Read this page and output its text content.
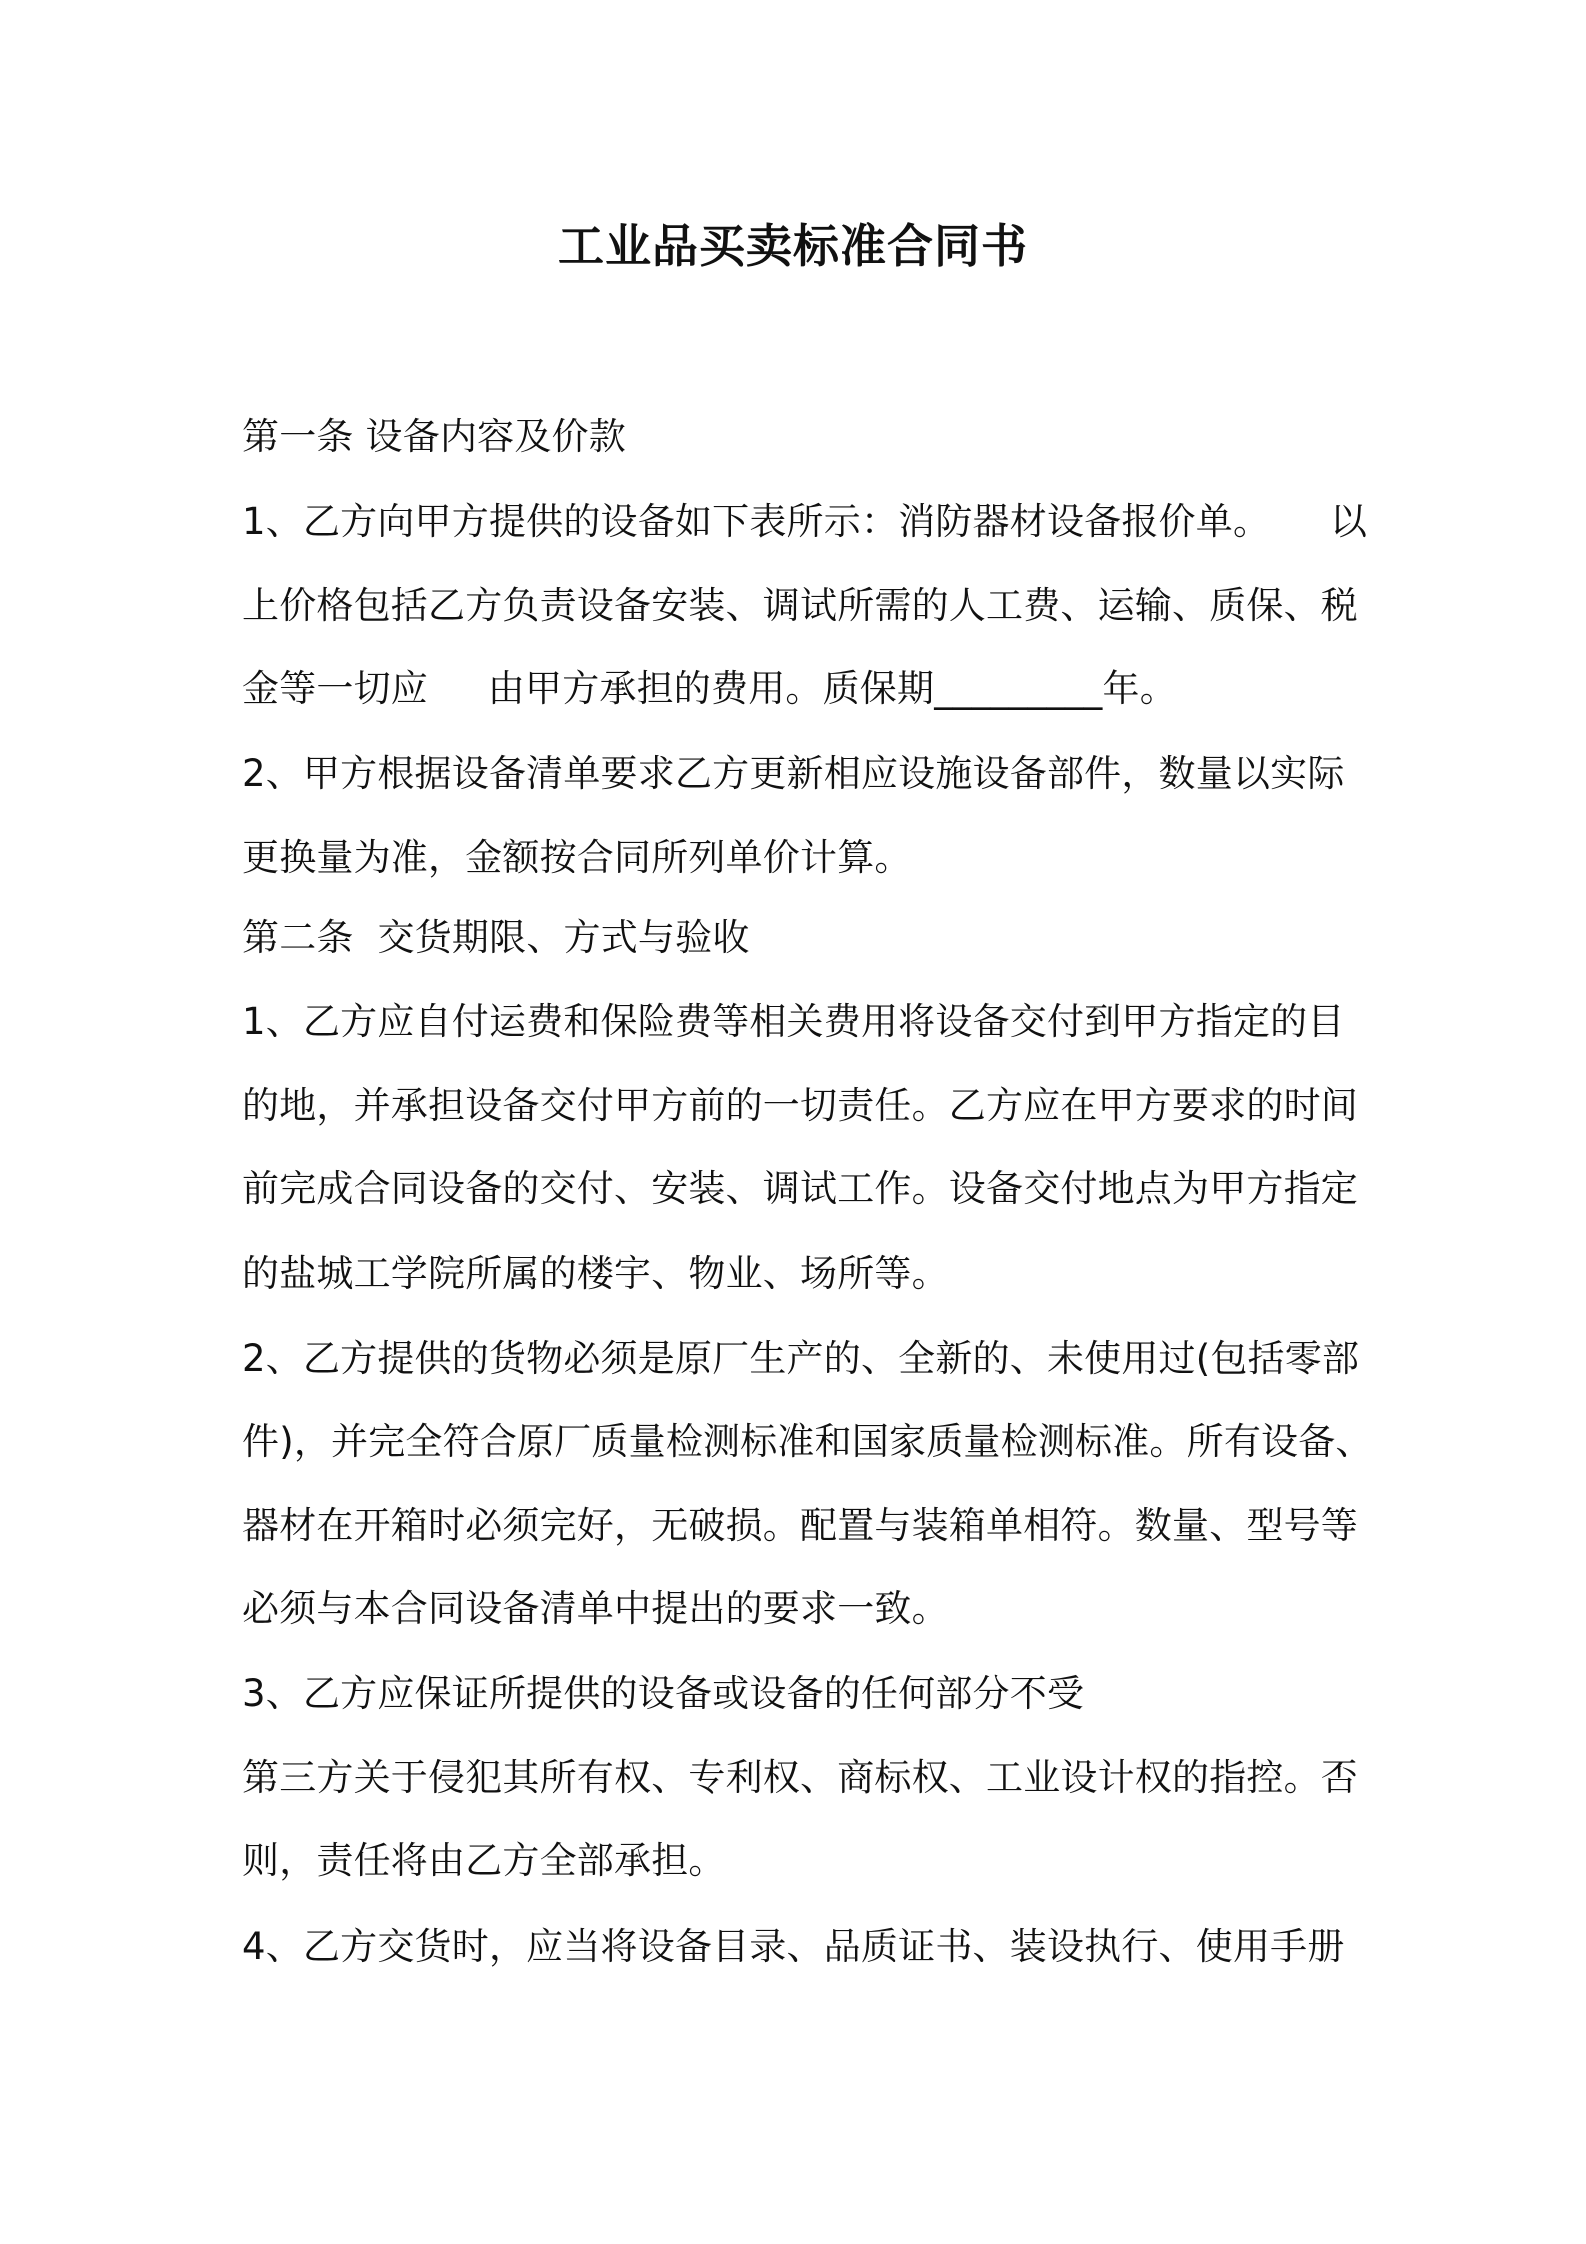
工业品买卖标准合同书
第一条 设备内容及价款
1、乙方向甲方提供的设备如下表所示：消防器材设备报价单。     以
上价格包括乙方负责设备安装、调试所需的人工费、运输、质保、税
金等一切应     由甲方承担的费用。质保期_________年。
2、甲方根据设备清单要求乙方更新相应设施设备部件，数量以实际
更换量为准，金额按合同所列单价计算。
第二条  交货期限、方式与验收
1、乙方应自付运费和保险费等相关费用将设备交付到甲方指定的目
的地，并承担设备交付甲方前的一切责任。乙方应在甲方要求的时间
前完成合同设备的交付、安装、调试工作。设备交付地点为甲方指定
的盐城工学院所属的楼宇、物业、场所等。
2、乙方提供的货物必须是原厂生产的、全新的、未使用过(包括零部
件)，并完全符合原厂质量检测标准和国家质量检测标准。所有设备、
器材在开箱时必须完好，无破损。配置与装箱单相符。数量、型号等
必须与本合同设备清单中提出的要求一致。
3、乙方应保证所提供的设备或设备的任何部分不受
第三方关于侵犯其所有权、专利权、商标权、工业设计权的指控。否
则，责任将由乙方全部承担。
4、乙方交货时，应当将设备目录、品质证书、装设执行、使用手册
